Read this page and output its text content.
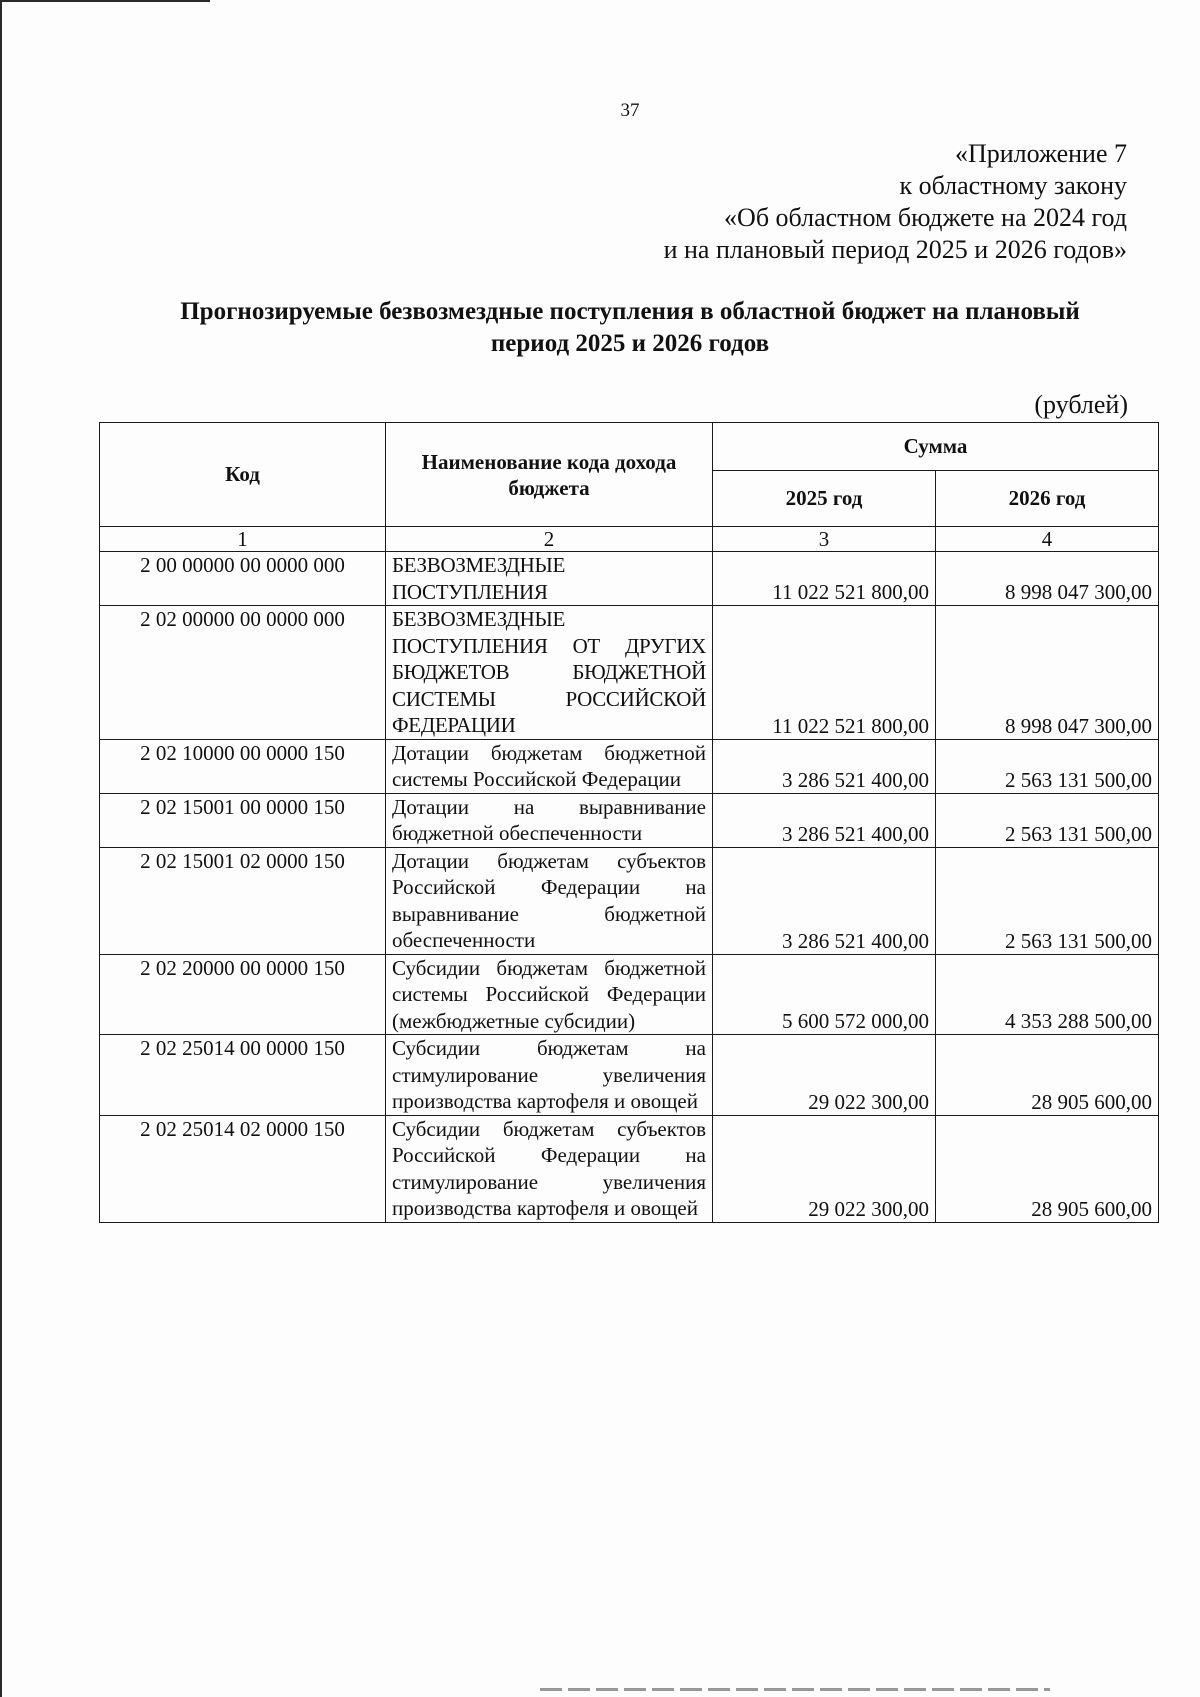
37
«Приложение 7
к областному закону
«Об областном бюджете на 2024 год
и на плановый период 2025 и 2026 годов»
Прогнозируемые безвозмездные поступления в областной бюджет на плановый
период 2025 и 2026 годов
(рублей)
Код	Наименование кода дохода бюджета	Сумма	
		2025 год	2026 год
1	2	3	4
2 00 00000 00 0000 000	БЕЗВОЗМЕЗДНЫЕ ПОСТУПЛЕНИЯ	11 022 521 800,00	8 998 047 300,00
2 02 00000 00 0000 000	БЕЗВОЗМЕЗДНЫЕ ПОСТУПЛЕНИЯ ОТ ДРУГИХ БЮДЖЕТОВ БЮДЖЕТНОЙ СИСТЕМЫ РОССИЙСКОЙ ФЕДЕРАЦИИ	11 022 521 800,00	8 998 047 300,00
2 02 10000 00 0000 150	Дотации бюджетам бюджетной системы Российской Федерации	3 286 521 400,00	2 563 131 500,00
2 02 15001 00 0000 150	Дотации на выравнивание бюджетной обеспеченности	3 286 521 400,00	2 563 131 500,00
2 02 15001 02 0000 150	Дотации бюджетам субъектов Российской Федерации на выравнивание бюджетной обеспеченности	3 286 521 400,00	2 563 131 500,00
2 02 20000 00 0000 150	Субсидии бюджетам бюджетной системы Российской Федерации (межбюджетные субсидии)	5 600 572 000,00	4 353 288 500,00
2 02 25014 00 0000 150	Субсидии бюджетам на стимулирование увеличения производства картофеля и овощей	29 022 300,00	28 905 600,00
2 02 25014 02 0000 150	Субсидии бюджетам субъектов Российской Федерации на стимулирование увеличения производства картофеля и овощей	29 022 300,00	28 905 600,00
